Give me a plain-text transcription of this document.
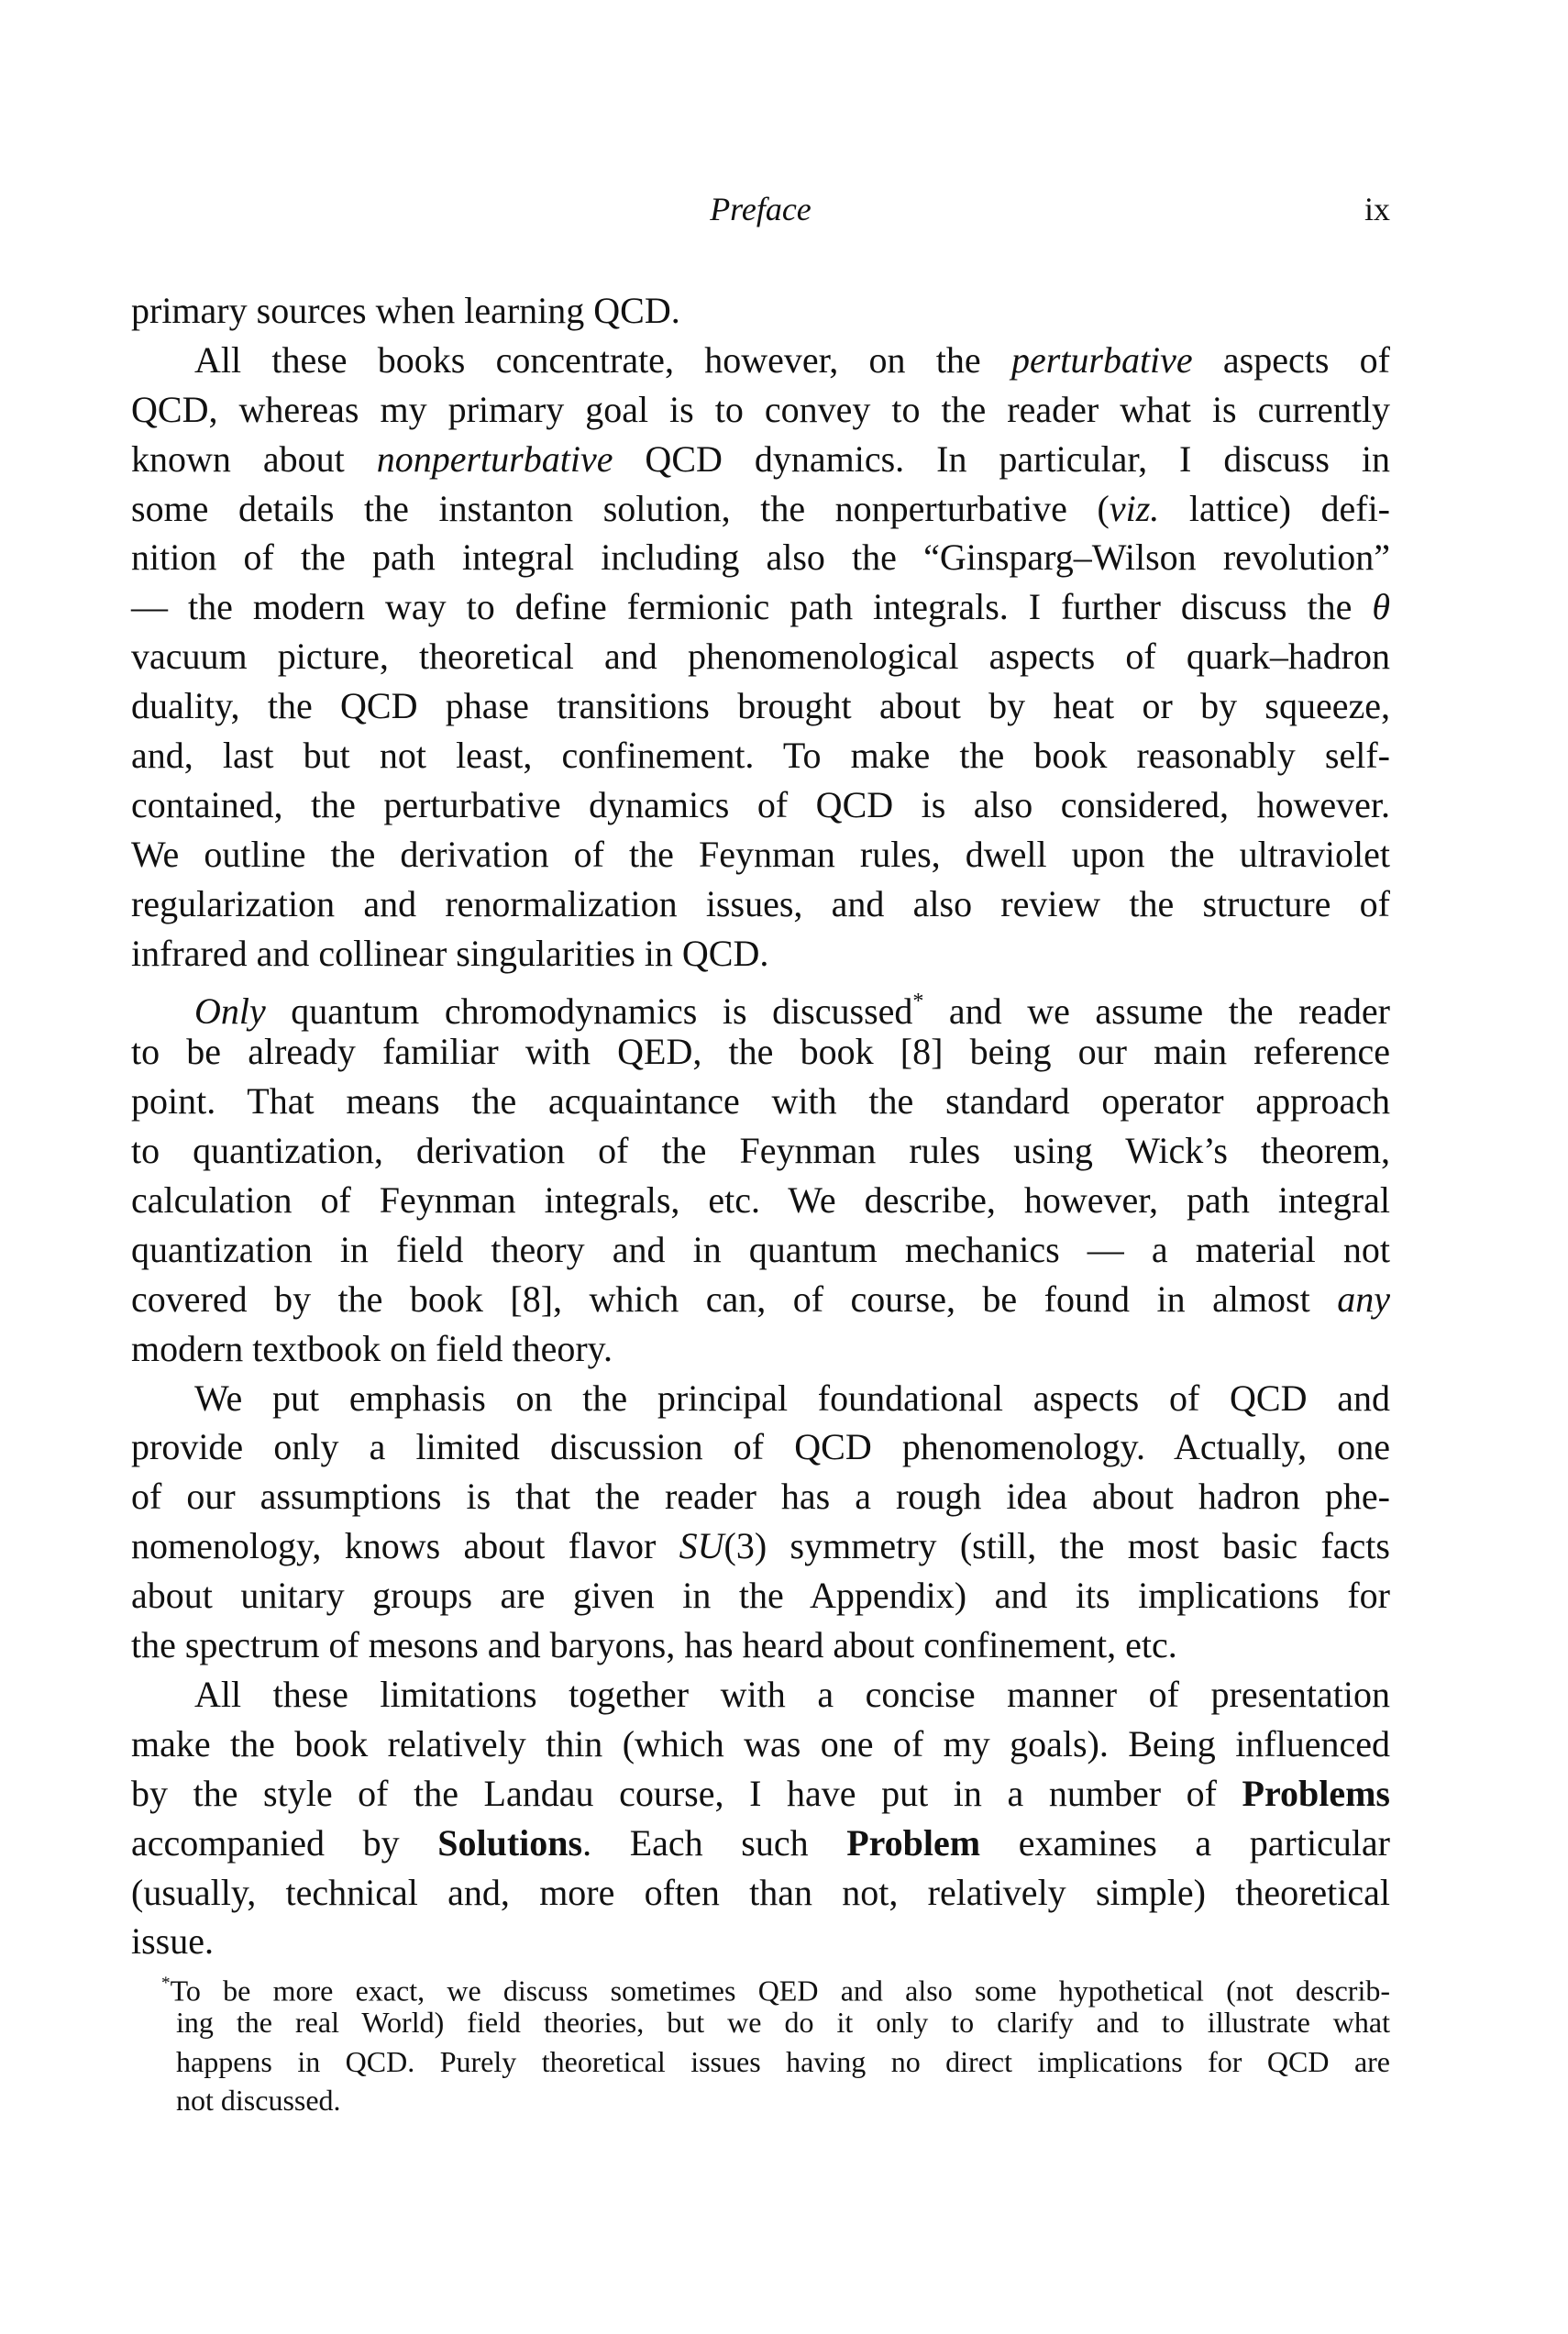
Preface	ix
primary sources when learning QCD.
All these books concentrate, however, on the perturbative aspects of
QCD, whereas my primary goal is to convey to the reader what is currently
known about nonperturbative QCD dynamics. In particular, I discuss in
some details the instanton solution, the nonperturbative (viz. lattice) defi-
nition of the path integral including also the “Ginsparg–Wilson revolution”
— the modern way to define fermionic path integrals. I further discuss the θ
vacuum picture, theoretical and phenomenological aspects of quark–hadron
duality, the QCD phase transitions brought about by heat or by squeeze,
and, last but not least, confinement. To make the book reasonably self-
contained, the perturbative dynamics of QCD is also considered, however.
We outline the derivation of the Feynman rules, dwell upon the ultraviolet
regularization and renormalization issues, and also review the structure of
infrared and collinear singularities in QCD.
Only quantum chromodynamics is discussed* and we assume the reader
to be already familiar with QED, the book [8] being our main reference
point. That means the acquaintance with the standard operator approach
to quantization, derivation of the Feynman rules using Wick’s theorem,
calculation of Feynman integrals, etc. We describe, however, path integral
quantization in field theory and in quantum mechanics — a material not
covered by the book [8], which can, of course, be found in almost any
modern textbook on field theory.
We put emphasis on the principal foundational aspects of QCD and
provide only a limited discussion of QCD phenomenology. Actually, one
of our assumptions is that the reader has a rough idea about hadron phe-
nomenology, knows about flavor SU(3) symmetry (still, the most basic facts
about unitary groups are given in the Appendix) and its implications for
the spectrum of mesons and baryons, has heard about confinement, etc.
All these limitations together with a concise manner of presentation
make the book relatively thin (which was one of my goals). Being influenced
by the style of the Landau course, I have put in a number of Problems
accompanied by Solutions. Each such Problem examines a particular
(usually, technical and, more often than not, relatively simple) theoretical
issue.
*To be more exact, we discuss sometimes QED and also some hypothetical (not describ-
ing the real World) field theories, but we do it only to clarify and to illustrate what
happens in QCD. Purely theoretical issues having no direct implications for QCD are
not discussed.
